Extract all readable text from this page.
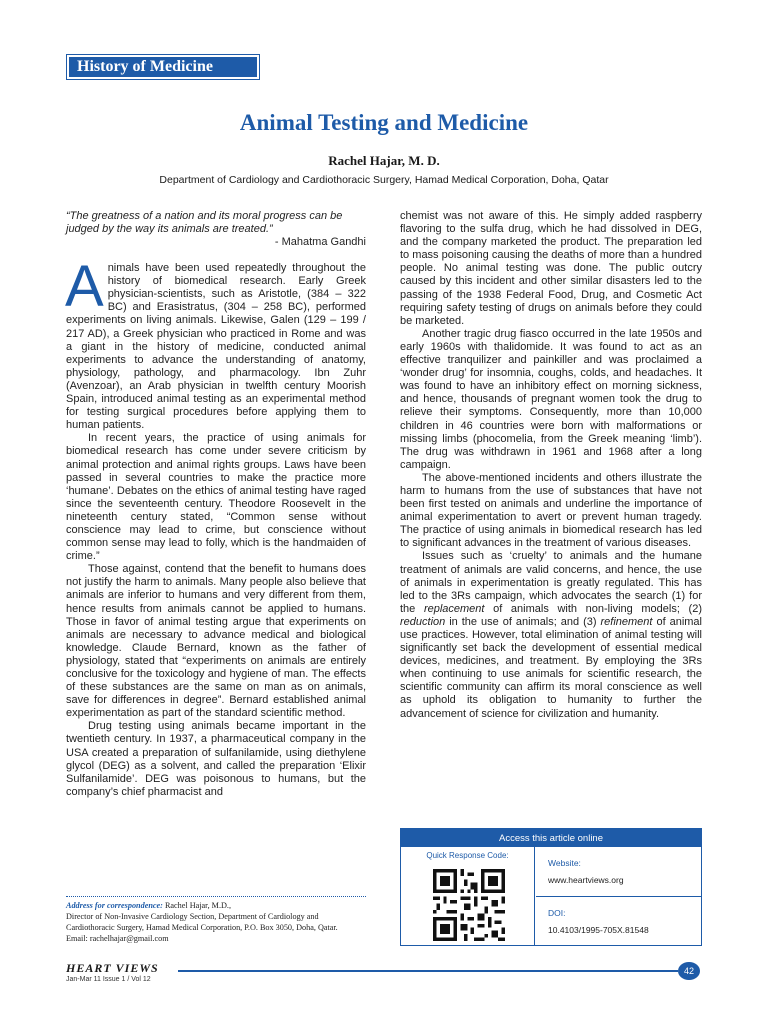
History of Medicine
Animal Testing and Medicine
Rachel Hajar, M. D.
Department of Cardiology and Cardiothoracic Surgery, Hamad Medical Corporation, Doha, Qatar

“The greatness of a nation and its moral progress can be judged by the way its animals are treated.”

- Mahatma Gandhi

A nimals have been used repeatedly throughout the history of biomedical research. Early Greek physician-scientists, such as Aristotle, (384 – 322 BC) and Erasistratus, (304 – 258 BC), performed experiments on living animals. Likewise, Galen (129 – 199 / 217 AD), a Greek physician who practiced in Rome and was a giant in the history of medicine, conducted animal experiments to advance the understanding of anatomy, physiology, pathology, and pharmacology. Ibn Zuhr (Avenzoar), an Arab physician in twelfth century Moorish Spain, introduced animal testing as an experimental method for testing surgical procedures before applying them to human patients.

In recent years, the practice of using animals for biomedical research has come under severe criticism by animal protection and animal rights groups. Laws have been passed in several countries to make the practice more ‘humane’. Debates on the ethics of animal testing have raged since the seventeenth century. Theodore Roosevelt in the nineteenth century stated, “Common sense without conscience may lead to crime, but conscience without common sense may lead to folly, which is the handmaiden of crime.”

Those against, contend that the benefit to humans does not justify the harm to animals. Many people also believe that animals are inferior to humans and very different from them, hence results from animals cannot be applied to humans. Those in favor of animal testing argue that experiments on animals are necessary to advance medical and biological knowledge. Claude Bernard, known as the father of physiology, stated that “experiments on animals are entirely conclusive for the toxicology and hygiene of man. The effects of these substances are the same on man as on animals, save for differences in degree”. Bernard established animal experimentation as part of the standard scientific method.

Drug testing using animals became important in the twentieth century. In 1937, a pharmaceutical company in the USA created a preparation of sulfanilamide, using diethylene glycol (DEG) as a solvent, and called the preparation ‘Elixir Sulfanilamide’. DEG was poisonous to humans, but the company’s chief pharmacist and

chemist was not aware of this. He simply added raspberry flavoring to the sulfa drug, which he had dissolved in DEG, and the company marketed the product. The preparation led to mass poisoning causing the deaths of more than a hundred people. No animal testing was done. The public outcry caused by this incident and other similar disasters led to the passing of the 1938 Federal Food, Drug, and Cosmetic Act requiring safety testing of drugs on animals before they could be marketed.

Another tragic drug fiasco occurred in the late 1950s and early 1960s with thalidomide. It was found to act as an effective tranquilizer and painkiller and was proclaimed a ‘wonder drug’ for insomnia, coughs, colds, and headaches. It was found to have an inhibitory effect on morning sickness, and hence, thousands of pregnant women took the drug to relieve their symptoms. Consequently, more than 10,000 children in 46 countries were born with malformations or missing limbs (phocomelia, from the Greek meaning ‘limb’). The drug was withdrawn in 1961 and 1968 after a long campaign.

The above-mentioned incidents and others illustrate the harm to humans from the use of substances that have not been first tested on animals and underline the importance of animal experimentation to avert or prevent human tragedy. The practice of using animals in biomedical research has led to significant advances in the treatment of various diseases.

Issues such as ‘cruelty’ to animals and the humane treatment of animals are valid concerns, and hence, the use of animals in experimentation is greatly regulated. This has led to the 3Rs campaign, which advocates the search (1) for the replacement of animals with non-living models; (2) reduction in the use of animals; and (3) refinement of animal use practices. However, total elimination of animal testing will significantly set back the development of essential medical devices, medicines, and treatment. By employing the 3Rs when continuing to use animals for scientific research, the scientific community can affirm its moral conscience as well as uphold its obligation to humanity to further the advancement of science for civilization and humanity.

Address for correspondence: Rachel Hajar, M.D.,
Director of Non-Invasive Cardiology Section, Department of Cardiology and
Cardiothoracic Surgery, Hamad Medical Corporation, P.O. Box 3050, Doha, Qatar.
Email: rachelhajar@gmail.com
Access this article online
Quick Response Code:
Website:
www.heartviews.org
DOI:
10.4103/1995-705X.81548
HEART VIEWS
Jan-Mar 11 Issue 1 / Vol 12
42
